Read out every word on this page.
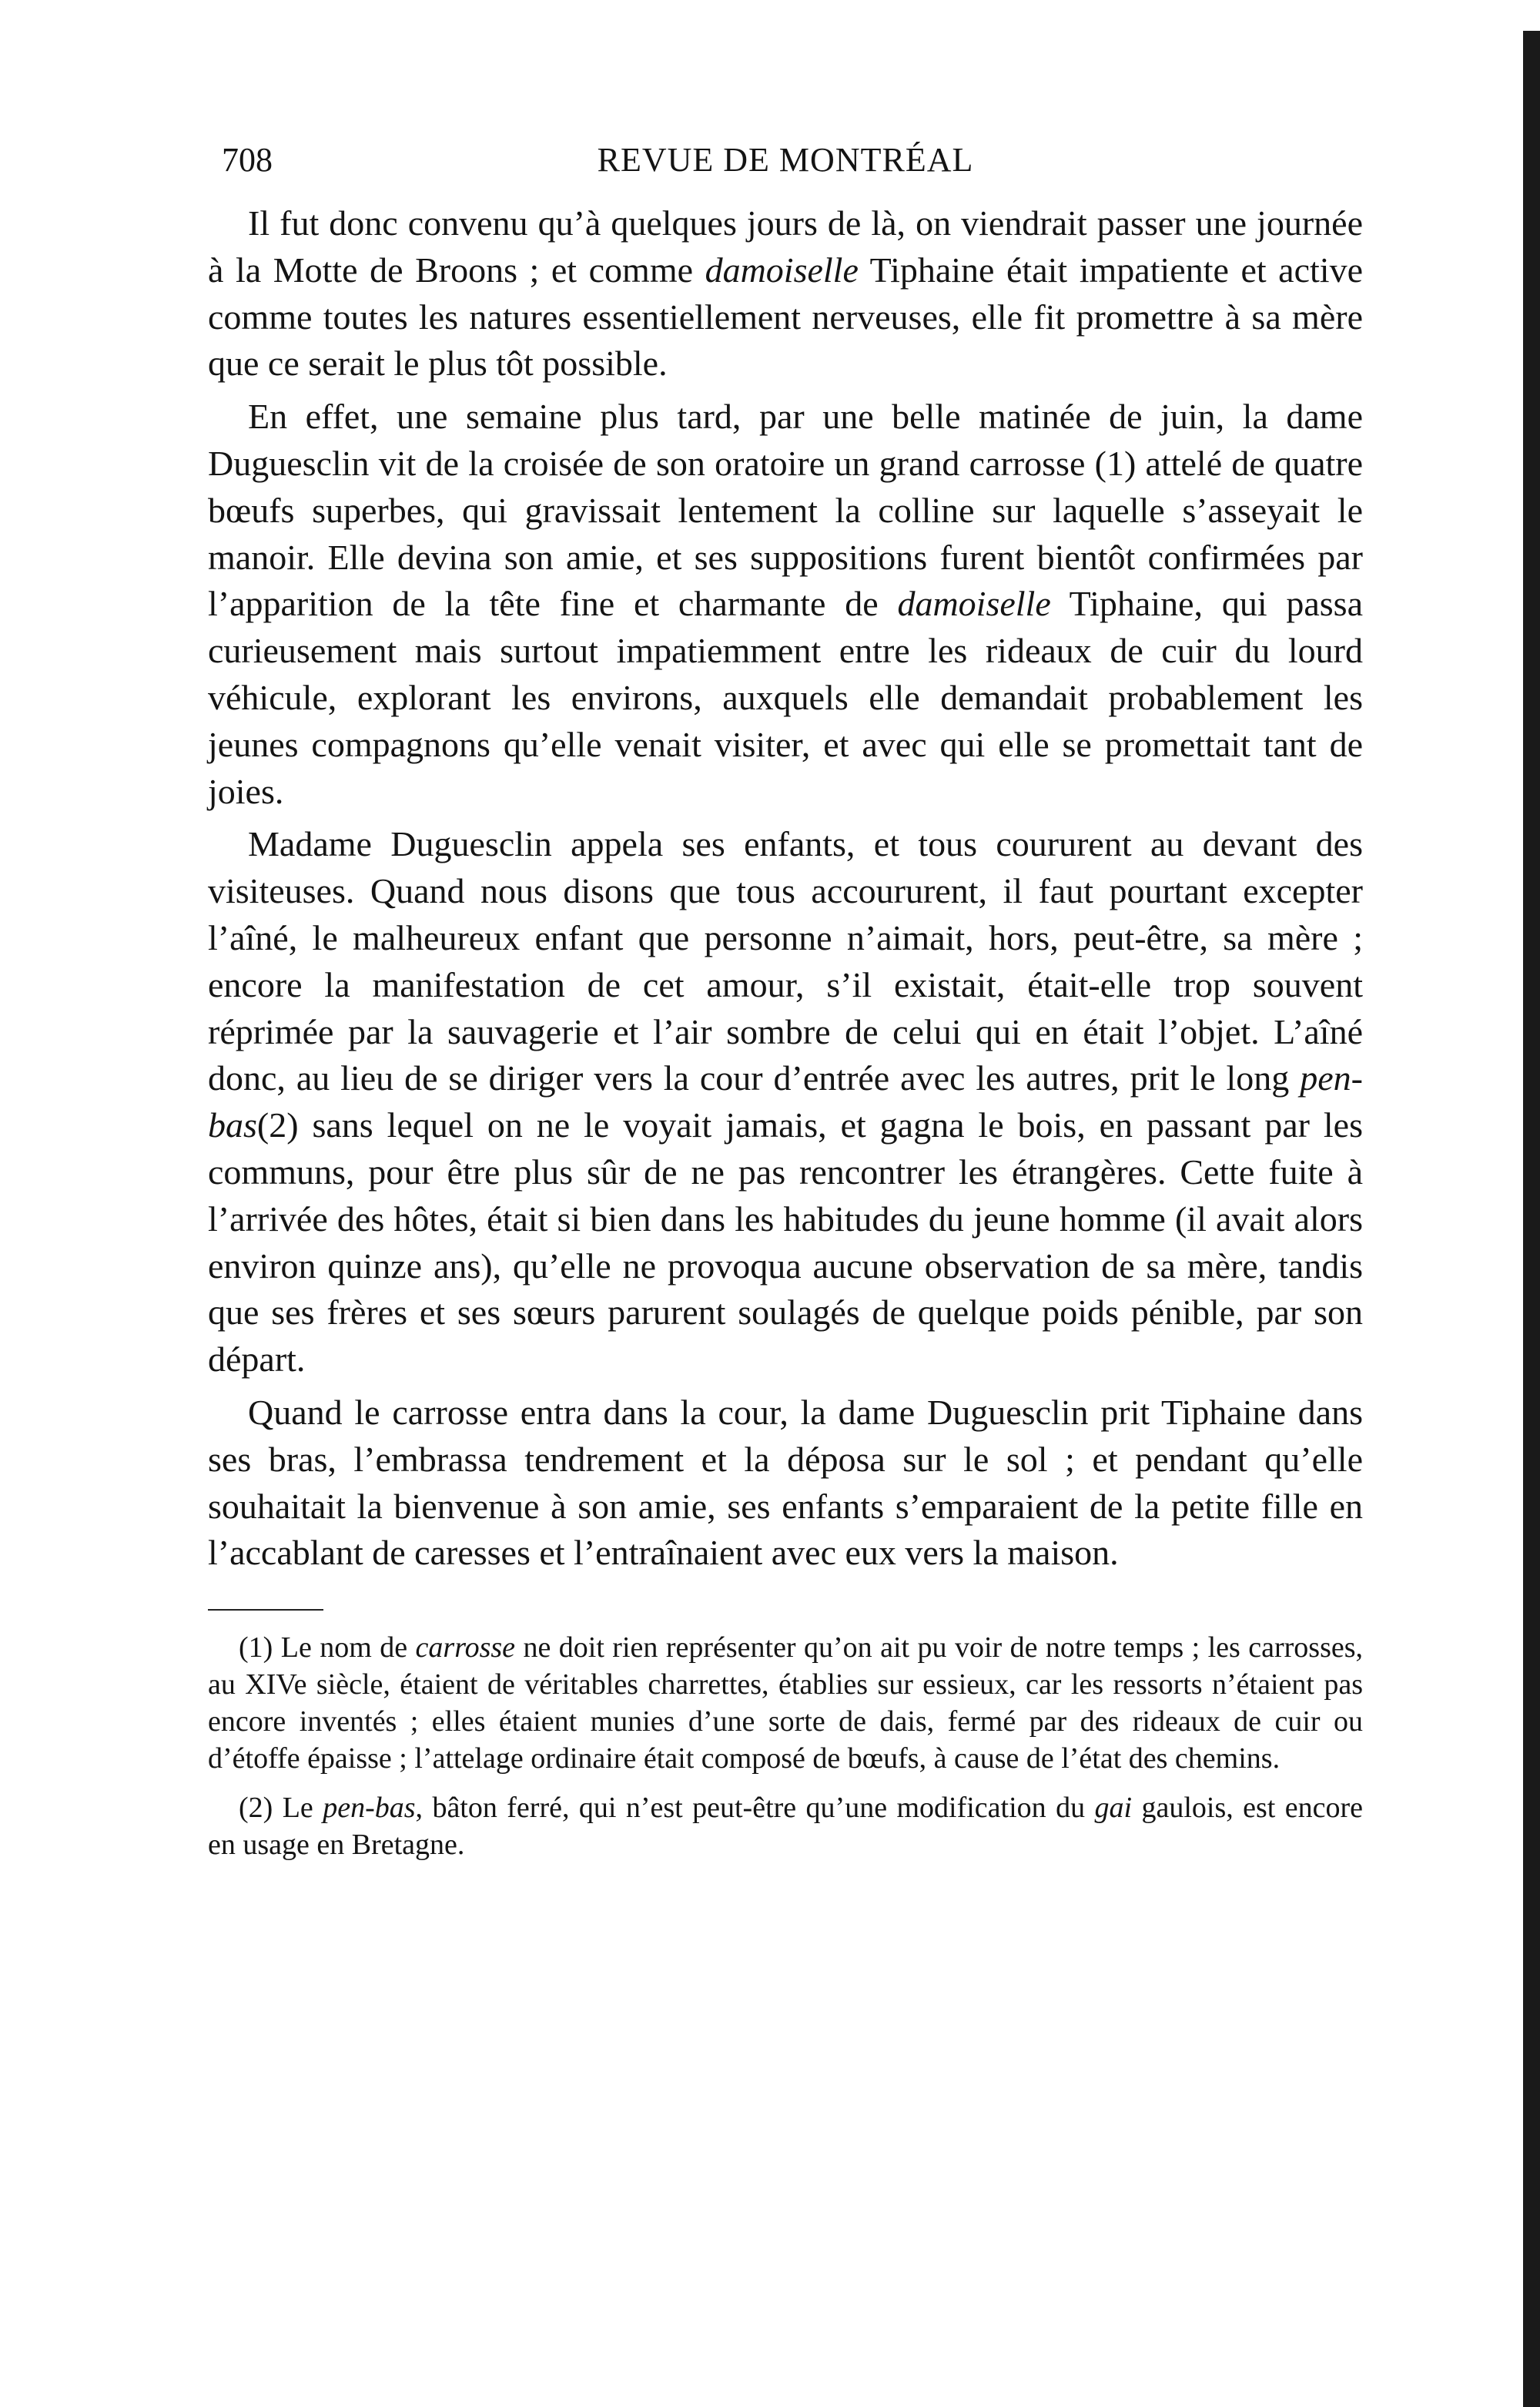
708	REVUE DE MONTRÉAL

Il fut donc convenu qu’à quelques jours de là, on viendrait passer une journée à la Motte de Broons ; et comme damoiselle Tiphaine était impatiente et active comme toutes les natures essentiellement nerveuses, elle fit promettre à sa mère que ce serait le plus tôt possible.

En effet, une semaine plus tard, par une belle matinée de juin, la dame Duguesclin vit de la croisée de son oratoire un grand carrosse (1) attelé de quatre bœufs superbes, qui gravissait lentement la colline sur laquelle s’asseyait le manoir. Elle devina son amie, et ses suppositions furent bientôt confirmées par l’apparition de la tête fine et charmante de damoiselle Tiphaine, qui passa curieusement mais surtout impatiemment entre les rideaux de cuir du lourd véhicule, explorant les environs, auxquels elle demandait probablement les jeunes compagnons qu’elle venait visiter, et avec qui elle se promettait tant de joies.

Madame Duguesclin appela ses enfants, et tous coururent au devant des visiteuses. Quand nous disons que tous accoururent, il faut pourtant excepter l’aîné, le malheureux enfant que personne n’aimait, hors, peut-être, sa mère ; encore la manifestation de cet amour, s’il existait, était-elle trop souvent réprimée par la sauvagerie et l’air sombre de celui qui en était l’objet. L’aîné donc, au lieu de se diriger vers la cour d’entrée avec les autres, prit le long pen-bas(2) sans lequel on ne le voyait jamais, et gagna le bois, en passant par les communs, pour être plus sûr de ne pas rencontrer les étrangères. Cette fuite à l’arrivée des hôtes, était si bien dans les habitudes du jeune homme (il avait alors environ quinze ans), qu’elle ne provoqua aucune observation de sa mère, tandis que ses frères et ses sœurs parurent soulagés de quelque poids pénible, par son départ.

Quand le carrosse entra dans la cour, la dame Duguesclin prit Tiphaine dans ses bras, l’embrassa tendrement et la déposa sur le sol ; et pendant qu’elle souhaitait la bienvenue à son amie, ses enfants s’emparaient de la petite fille en l’accablant de caresses et l’entraînaient avec eux vers la maison.

(1) Le nom de carrosse ne doit rien représenter qu’on ait pu voir de notre temps ; les carrosses, au XIVe siècle, étaient de véritables charrettes, établies sur essieux, car les ressorts n’étaient pas encore inventés ; elles étaient munies d’une sorte de dais, fermé par des rideaux de cuir ou d’étoffe épaisse ; l’attelage ordinaire était composé de bœufs, à cause de l’état des chemins.

(2) Le pen-bas, bâton ferré, qui n’est peut-être qu’une modification du gai gaulois, est encore en usage en Bretagne.
